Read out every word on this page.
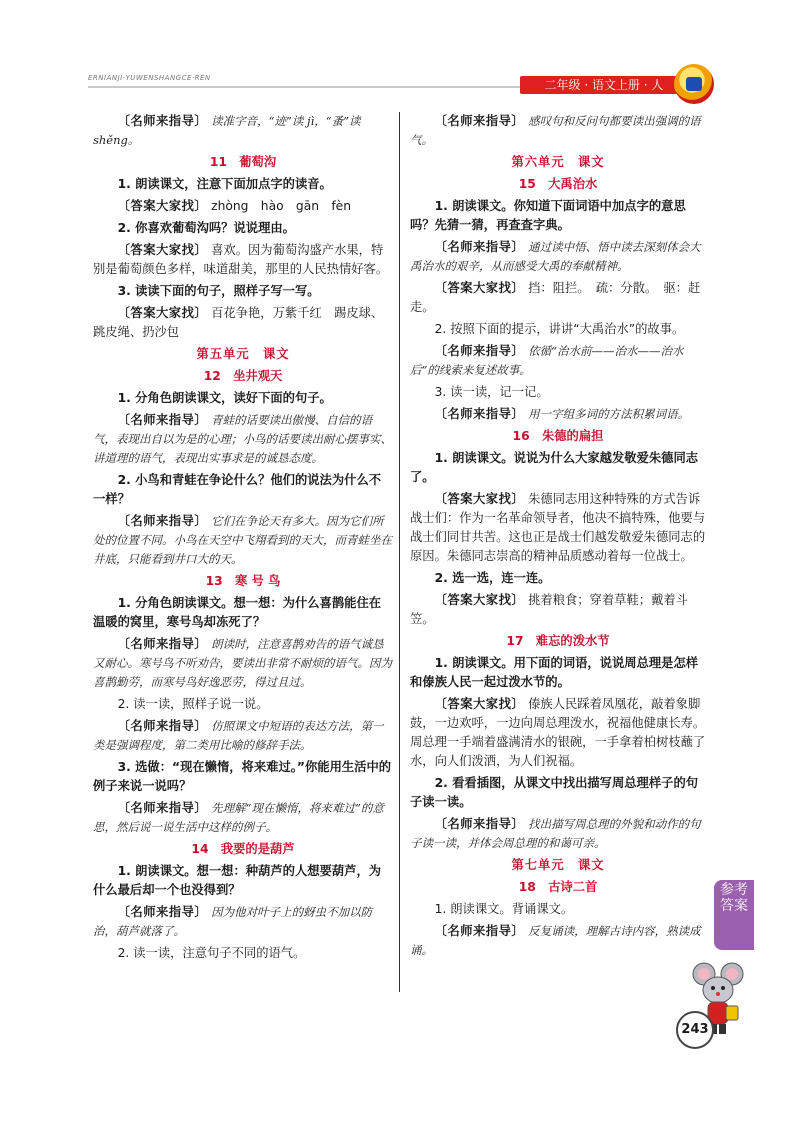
ERNIANJI·YUWENSHANGCE·REN	二年级 · 语文上册 · 人

〔名师来指导〕 读准字音，“迹”读 jì，“蚤”读 shěng。

11　葡萄沟

1. 朗读课文，注意下面加点字的读音。

〔答案大家找〕 zhòng　hào　gān　fèn

2. 你喜欢葡萄沟吗？说说理由。

〔答案大家找〕 喜欢。因为葡萄沟盛产水果，特别是葡萄颜色多样，味道甜美，那里的人民热情好客。

3. 读读下面的句子，照样子写一写。

〔答案大家找〕 百花争艳，万紫千红　踢皮球、跳皮绳、扔沙包

第五单元　课文
12　坐井观天

1. 分角色朗读课文，读好下面的句子。

〔名师来指导〕 青蛙的话要读出傲慢、自信的语气，表现出自以为是的心理；小鸟的话要读出耐心摆事实、讲道理的语气，表现出实事求是的诚恳态度。

2. 小鸟和青蛙在争论什么？他们的说法为什么不一样？

〔名师来指导〕 它们在争论天有多大。因为它们所处的位置不同。小鸟在天空中飞翔看到的天大，而青蛙坐在井底，只能看到井口大的天。

13　寒 号 鸟

1. 分角色朗读课文。想一想：为什么喜鹊能住在温暖的窝里，寒号鸟却冻死了？

〔名师来指导〕 朗读时，注意喜鹊劝告的语气诚恳又耐心。寒号鸟不听劝告，要读出非常不耐烦的语气。因为喜鹊勤劳，而寒号鸟好逸恶劳，得过且过。

2. 读一读，照样子说一说。

〔名师来指导〕 仿照课文中短语的表达方法，第一类是强调程度，第二类用比喻的修辞手法。

3. 选做：“现在懒惰，将来难过。”你能用生活中的例子来说一说吗？

〔名师来指导〕 先理解“现在懒惰，将来难过”的意思，然后说一说生活中这样的例子。

14　我要的是葫芦

1. 朗读课文。想一想：种葫芦的人想要葫芦，为什么最后却一个也没得到？

〔名师来指导〕 因为他对叶子上的蚜虫不加以防治，葫芦就落了。

2. 读一读，注意句子不同的语气。

〔名师来指导〕 感叹句和反问句都要读出强调的语气。

第六单元　课文
15　大禹治水

1. 朗读课文。你知道下面词语中加点字的意思吗？先猜一猜，再查查字典。

〔名师来指导〕 通过读中悟、悟中读去深刻体会大禹治水的艰辛，从而感受大禹的奉献精神。

〔答案大家找〕 挡：阻拦。　疏：分散。　驱：赶走。

2. 按照下面的提示，讲讲“大禹治水”的故事。

〔名师来指导〕 依循“治水前——治水——治水后”的线索来复述故事。

3. 读一读，记一记。

〔名师来指导〕 用一字组多词的方法积累词语。

16　朱德的扁担

1. 朗读课文。说说为什么大家越发敬爱朱德同志了。

〔答案大家找〕 朱德同志用这种特殊的方式告诉战士们：作为一名革命领导者，他决不搞特殊，他要与战士们同甘共苦。这也正是战士们越发敬爱朱德同志的原因。朱德同志崇高的精神品质感动着每一位战士。

2. 选一选，连一连。

〔答案大家找〕 挑着粮食；穿着草鞋；戴着斗笠。

17　难忘的泼水节

1. 朗读课文。用下面的词语，说说周总理是怎样和傣族人民一起过泼水节的。

〔答案大家找〕 傣族人民踩着凤凰花，敲着象脚鼓，一边欢呼，一边向周总理泼水，祝福他健康长寿。周总理一手端着盛满清水的银碗，一手拿着柏树枝蘸了水，向人们泼洒，为人们祝福。

2. 看看插图，从课文中找出描写周总理样子的句子读一读。

〔名师来指导〕 找出描写周总理的外貌和动作的句子读一读，并体会周总理的和蔼可亲。

第七单元　课文
18　古诗二首

1. 朗读课文。背诵课文。

〔名师来指导〕 反复诵读，理解古诗内容，熟读成诵。

参考
答案
243
